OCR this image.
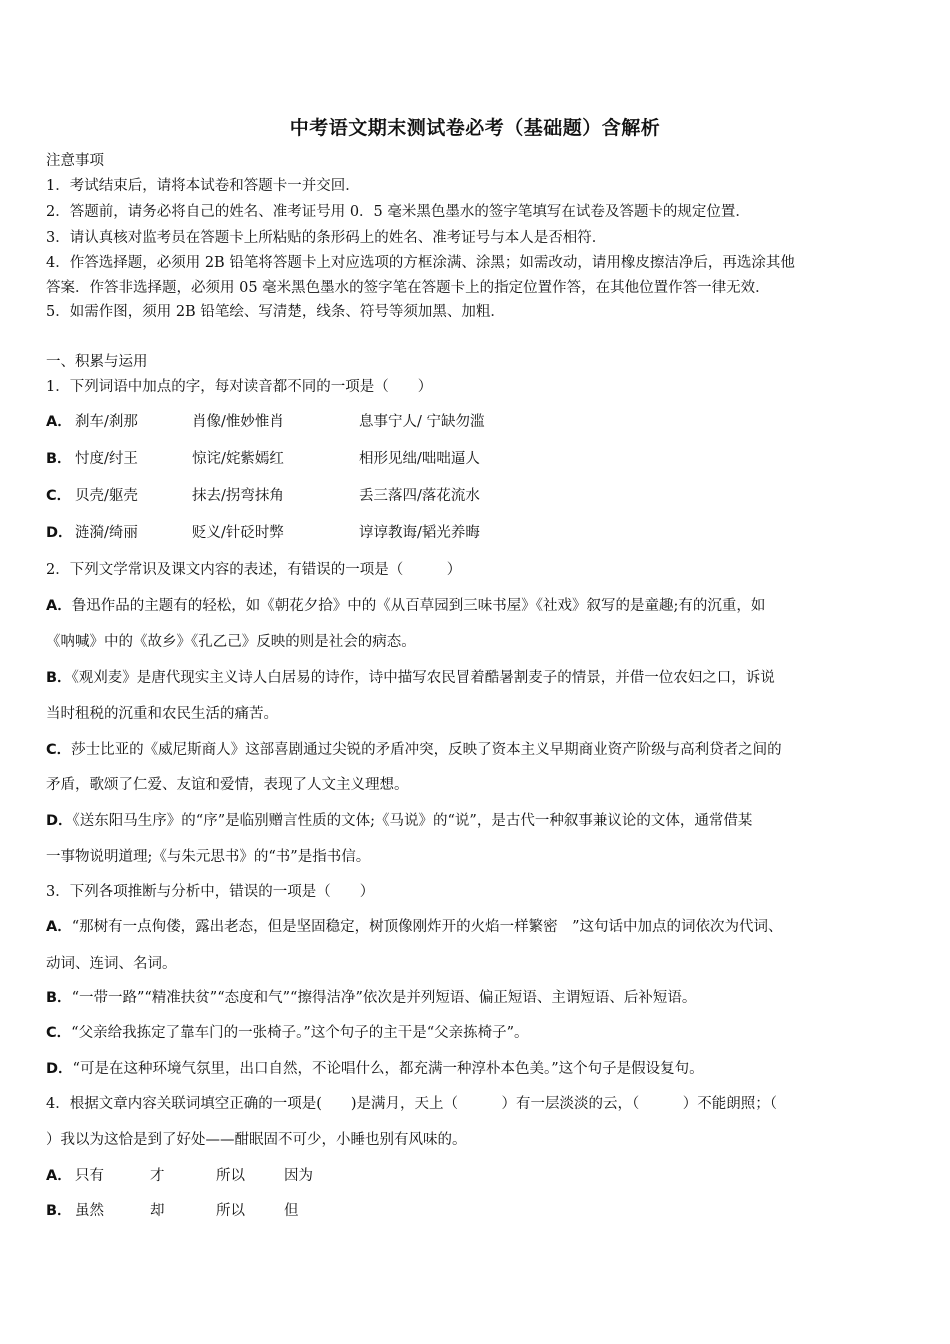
中考语文期末测试卷必考（基础题）含解析
注意事项
1．考试结束后，请将本试卷和答题卡一并交回．
2．答题前，请务必将自己的姓名、准考证号用 0．5 毫米黑色墨水的签字笔填写在试卷及答题卡的规定位置．
3．请认真核对监考员在答题卡上所粘贴的条形码上的姓名、准考证号与本人是否相符．
4．作答选择题，必须用 2B 铅笔将答题卡上对应选项的方框涂满、涂黑；如需改动，请用橡皮擦洁净后，再选涂其他
答案．作答非选择题，必须用 05 毫米黑色墨水的签字笔在答题卡上的指定位置作答，在其他位置作答一律无效．
5．如需作图，须用 2B 铅笔绘、写清楚，线条、符号等须加黑、加粗．
一、积累与运用
1．下列词语中加点的字，每对读音都不同的一项是（　　）
A． 刹车/刹那	肖像/惟妙惟肖	息事宁人/ 宁缺勿滥
B． 忖度/纣王	惊诧/姹紫嫣红	相形见绌/咄咄逼人
C． 贝壳/躯壳	抹去/拐弯抹角	丢三落四/落花流水
D． 涟漪/绮丽	贬义/针砭时弊	谆谆教诲/韬光养晦
2．下列文学常识及课文内容的表述，有错误的一项是（　　　）
A．鲁迅作品的主题有的轻松，如《朝花夕拾》中的《从百草园到三味书屋》《社戏》叙写的是童趣;有的沉重，如
《呐喊》中的《故乡》《孔乙己》反映的则是社会的病态。
B．《观刈麦》是唐代现实主义诗人白居易的诗作，诗中描写农民冒着酷暑割麦子的情景，并借一位农妇之口，诉说
当时租税的沉重和农民生活的痛苦。
C．莎士比亚的《威尼斯商人》这部喜剧通过尖锐的矛盾冲突，反映了资本主义早期商业资产阶级与高利贷者之间的
矛盾，歌颂了仁爱、友谊和爱情，表现了人文主义理想。
D．《送东阳马生序》的“序”是临别赠言性质的文体;《马说》的“说”，是古代一种叙事兼议论的文体，通常借某
一事物说明道理;《与朱元思书》的“书”是指书信。
3．下列各项推断与分析中，错误的一项是（　　）
A．“那树有一点佝偻，露出老态，但是坚固稳定，树顶像刚炸开的火焰一样繁密　”这句话中加点的词依次为代词、
动词、连词、名词。
B．“一带一路”“精准扶贫”“态度和气”“擦得洁净”依次是并列短语、偏正短语、主谓短语、后补短语。
C．“父亲给我拣定了靠车门的一张椅子。”这个句子的主干是“父亲拣椅子”。
D．“可是在这种环境气氛里，出口自然，不论唱什么，都充满一种淳朴本色美。”这个句子是假设复句。
4．根据文章内容关联词填空正确的一项是(　　)是满月，天上（　　　）有一层淡淡的云，（　　　）不能朗照；（
）我以为这恰是到了好处——酣眠固不可少，小睡也别有风味的。
A． 只有	才	所以	因为
B． 虽然	却	所以	但
